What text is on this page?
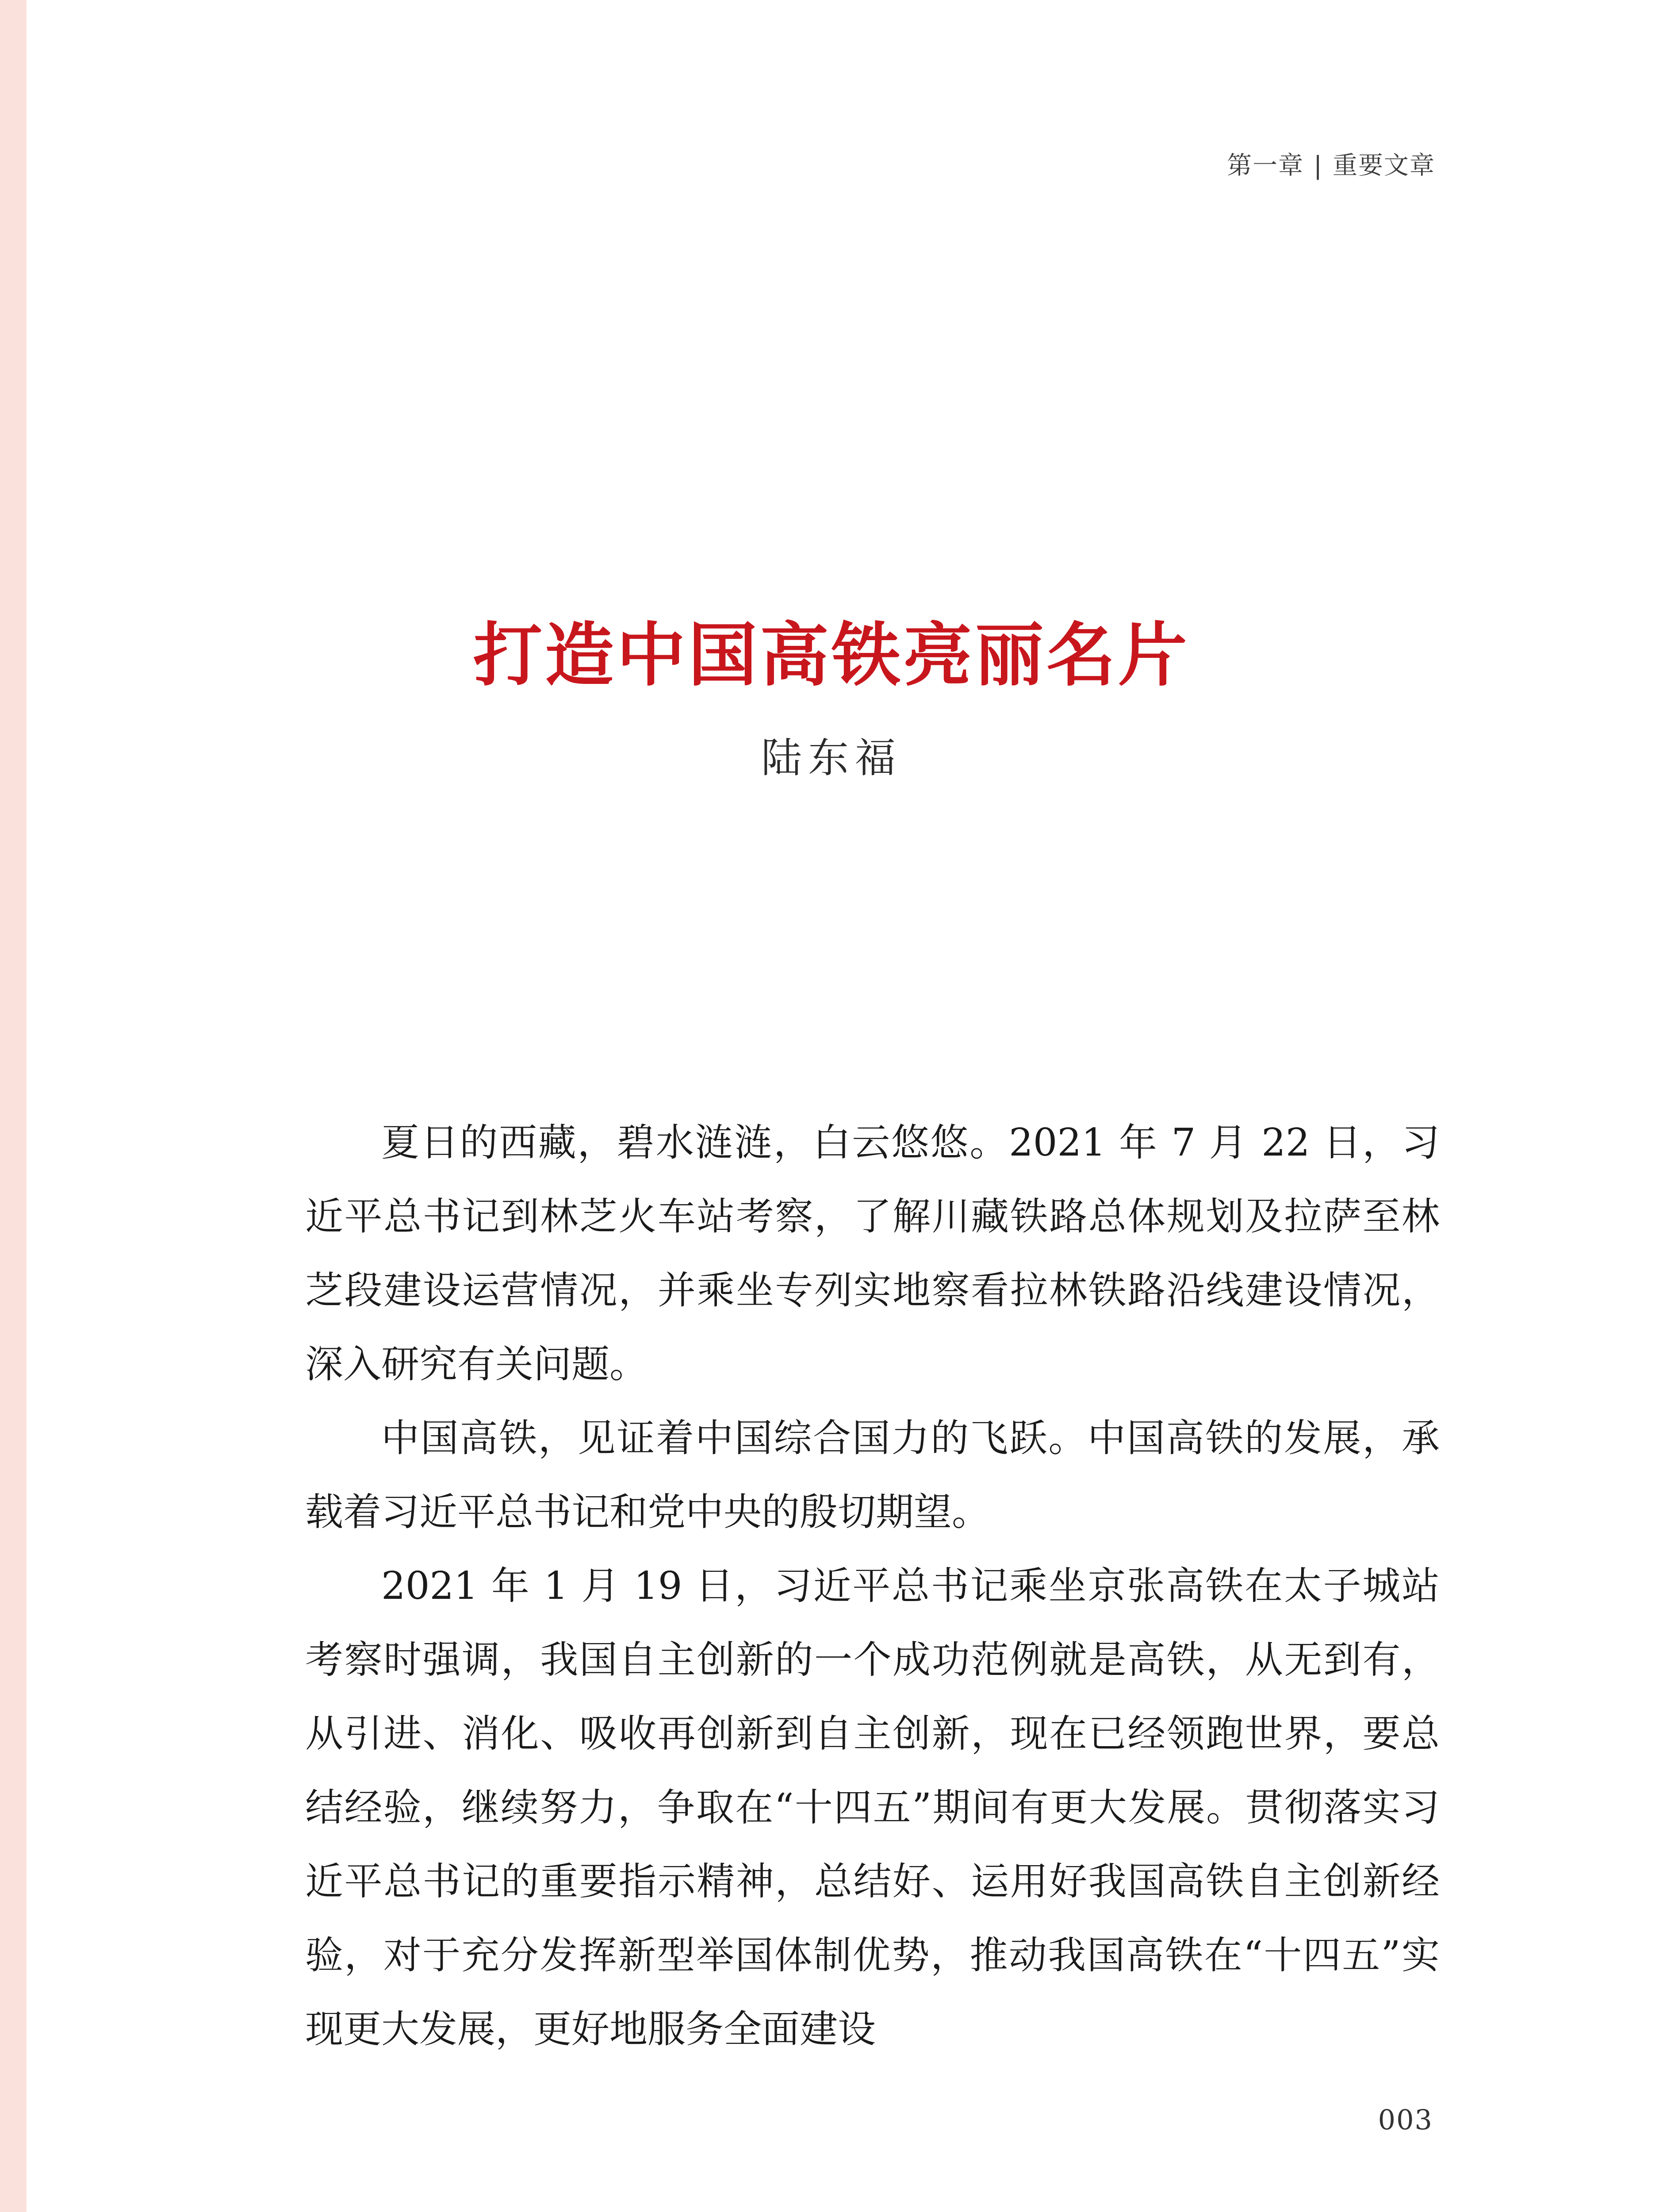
第一章 | 重要文章
打造中国高铁亮丽名片
陆东福

夏日的西藏，碧水涟涟，白云悠悠。2021 年 7 月 22 日，习近平总书记到林芝火车站考察，了解川藏铁路总体规划及拉萨至林芝段建设运营情况，并乘坐专列实地察看拉林铁路沿线建设情况，深入研究有关问题。

中国高铁，见证着中国综合国力的飞跃。中国高铁的发展，承载着习近平总书记和党中央的殷切期望。

2021 年 1 月 19 日，习近平总书记乘坐京张高铁在太子城站考察时强调，我国自主创新的一个成功范例就是高铁，从无到有，从引进、消化、吸收再创新到自主创新，现在已经领跑世界，要总结经验，继续努力，争取在“十四五”期间有更大发展。贯彻落实习近平总书记的重要指示精神，总结好、运用好我国高铁自主创新经验，对于充分发挥新型举国体制优势，推动我国高铁在“十四五”实现更大发展，更好地服务全面建设

003
